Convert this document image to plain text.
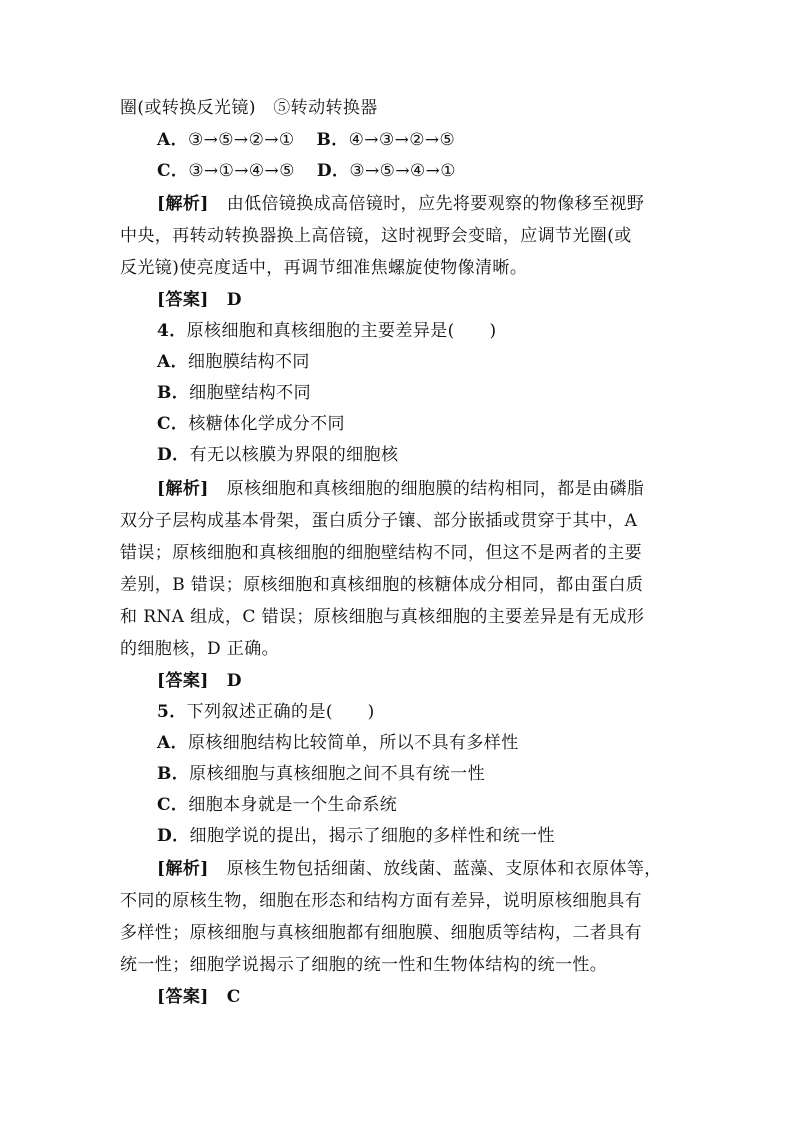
圈(或转换反光镜)　⑤转动转换器
A．③→⑤→②→① B．④→③→②→⑤
C．③→①→④→⑤ D．③→⑤→④→①
[解析] 由低倍镜换成高倍镜时，应先将要观察的物像移至视野
中央，再转动转换器换上高倍镜，这时视野会变暗，应调节光圈(或
反光镜)使亮度适中，再调节细准焦螺旋使物像清晰。
[答案] D
4．原核细胞和真核细胞的主要差异是(　　)
A．细胞膜结构不同
B．细胞壁结构不同
C．核糖体化学成分不同
D．有无以核膜为界限的细胞核
[解析] 原核细胞和真核细胞的细胞膜的结构相同，都是由磷脂
双分子层构成基本骨架，蛋白质分子镶、部分嵌插或贯穿于其中，A
错误；原核细胞和真核细胞的细胞壁结构不同，但这不是两者的主要
差别，B 错误；原核细胞和真核细胞的核糖体成分相同，都由蛋白质
和 RNA 组成，C 错误；原核细胞与真核细胞的主要差异是有无成形
的细胞核，D 正确。
[答案] D
5．下列叙述正确的是(　　)
A．原核细胞结构比较简单，所以不具有多样性
B．原核细胞与真核细胞之间不具有统一性
C．细胞本身就是一个生命系统
D．细胞学说的提出，揭示了细胞的多样性和统一性
[解析] 原核生物包括细菌、放线菌、蓝藻、支原体和衣原体等，
不同的原核生物，细胞在形态和结构方面有差异，说明原核细胞具有
多样性；原核细胞与真核细胞都有细胞膜、细胞质等结构，二者具有
统一性；细胞学说揭示了细胞的统一性和生物体结构的统一性。
[答案] C
